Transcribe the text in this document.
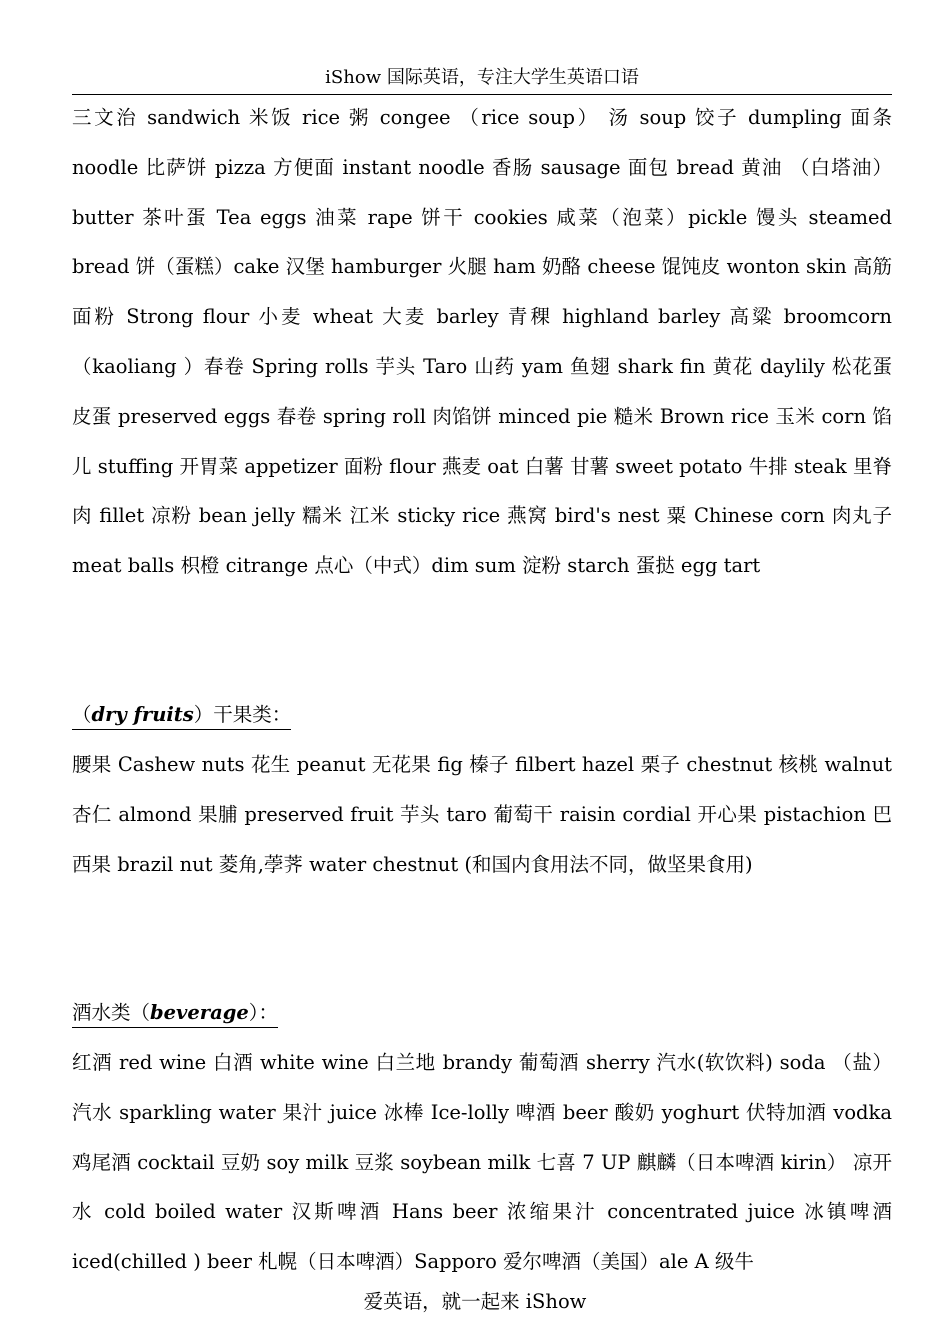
iShow 国际英语，专注大学生英语口语

三文治 sandwich 米饭 rice 粥 congee （rice soup） 汤 soup 饺子 dumpling 面条 noodle 比萨饼 pizza 方便面 instant noodle 香肠 sausage 面包 bread 黄油 （白塔油）butter 茶叶蛋 Tea eggs 油菜 rape 饼干 cookies 咸菜（泡菜）pickle 馒头 steamed bread 饼（蛋糕）cake 汉堡 hamburger 火腿 ham 奶酪 cheese 馄饨皮 wonton skin 高筋面粉 Strong flour 小麦 wheat 大麦 barley 青稞 highland barley 高粱 broomcorn （kaoliang ）春卷 Spring rolls 芋头 Taro 山药 yam 鱼翅 shark fin 黄花 daylily 松花蛋 皮蛋 preserved eggs 春卷 spring roll 肉馅饼 minced pie 糙米 Brown rice 玉米 corn 馅儿 stuffing 开胃菜 appetizer 面粉 flour 燕麦 oat 白薯 甘薯 sweet potato 牛排 steak 里脊肉 fillet 凉粉 bean jelly 糯米 江米 sticky rice 燕窝 bird's nest 粟 Chinese corn 肉丸子 meat balls 枳橙 citrange 点心（中式）dim sum 淀粉 starch 蛋挞 egg tart

（dry fruits）干果类：

腰果 Cashew nuts 花生 peanut 无花果 fig 榛子 filbert hazel 栗子 chestnut 核桃 walnut 杏仁 almond 果脯 preserved fruit 芋头 taro 葡萄干 raisin cordial 开心果 pistachion 巴西果 brazil nut 菱角,荸荠 water chestnut (和国内食用法不同，做坚果食用)

酒水类（beverage）：

红酒 red wine 白酒 white wine 白兰地 brandy 葡萄酒 sherry 汽水(软饮料) soda （盐）汽水 sparkling water 果汁 juice 冰棒 Ice-lolly 啤酒 beer 酸奶 yoghurt 伏特加酒 vodka 鸡尾酒 cocktail 豆奶 soy milk 豆浆 soybean milk 七喜 7 UP 麒麟（日本啤酒 kirin） 凉开水 cold boiled water 汉斯啤酒 Hans beer 浓缩果汁 concentrated juice 冰镇啤酒 iced(chilled ) beer 札幌（日本啤酒）Sapporo 爱尔啤酒（美国）ale A 级牛

爱英语，就一起来 iShow
